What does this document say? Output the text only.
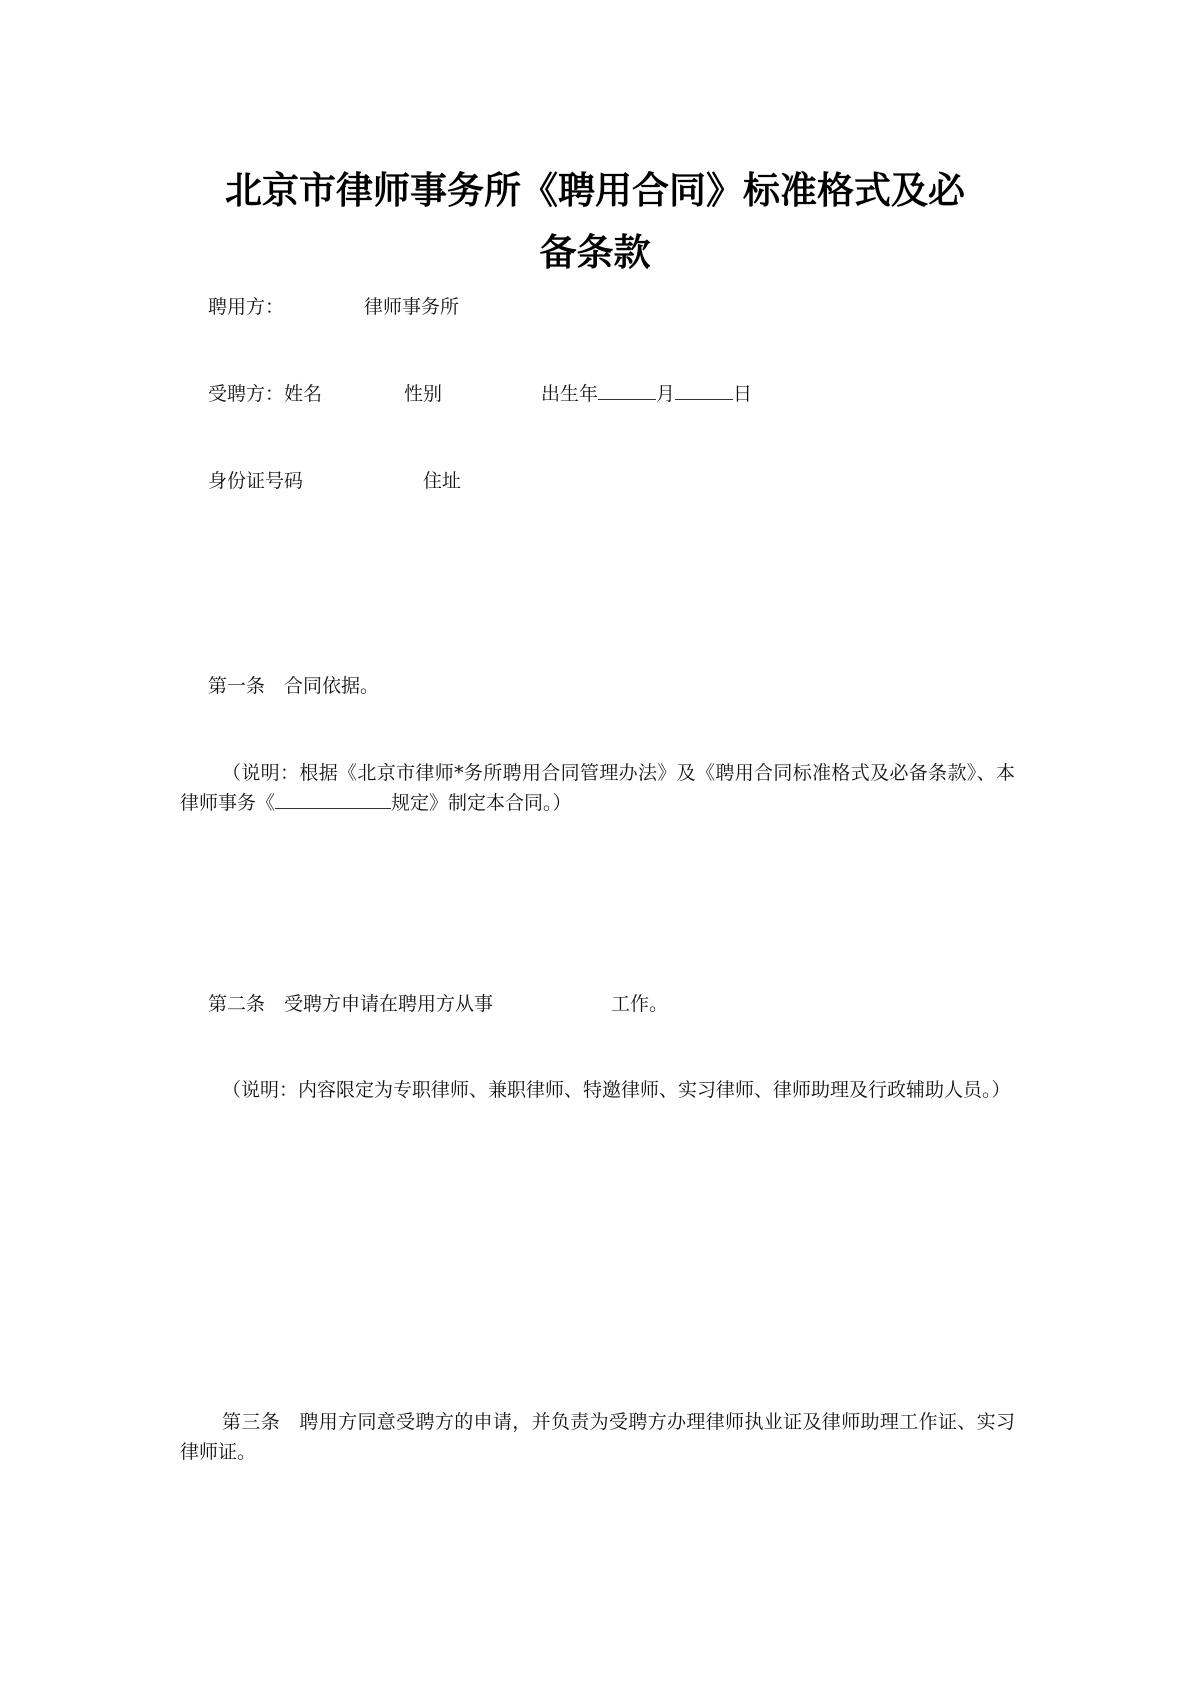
北京市律师事务所《聘用合同》标准格式及必
备条款
聘用方：	律师事务所
受聘方：姓名	性别	出生年	月	日
身份证号码	住址
第一条　合同依据。
（说明：根据《北京市律师*务所聘用合同管理办法》及《聘用合同标准格式及必备条款》、本律师事务《	规定》制定本合同。）
第二条　受聘方申请在聘用方从事	工作。
（说明：内容限定为专职律师、兼职律师、特邀律师、实习律师、律师助理及行政辅助人员。）
第三条　聘用方同意受聘方的申请，并负责为受聘方办理律师执业证及律师助理工作证、实习律师证。
